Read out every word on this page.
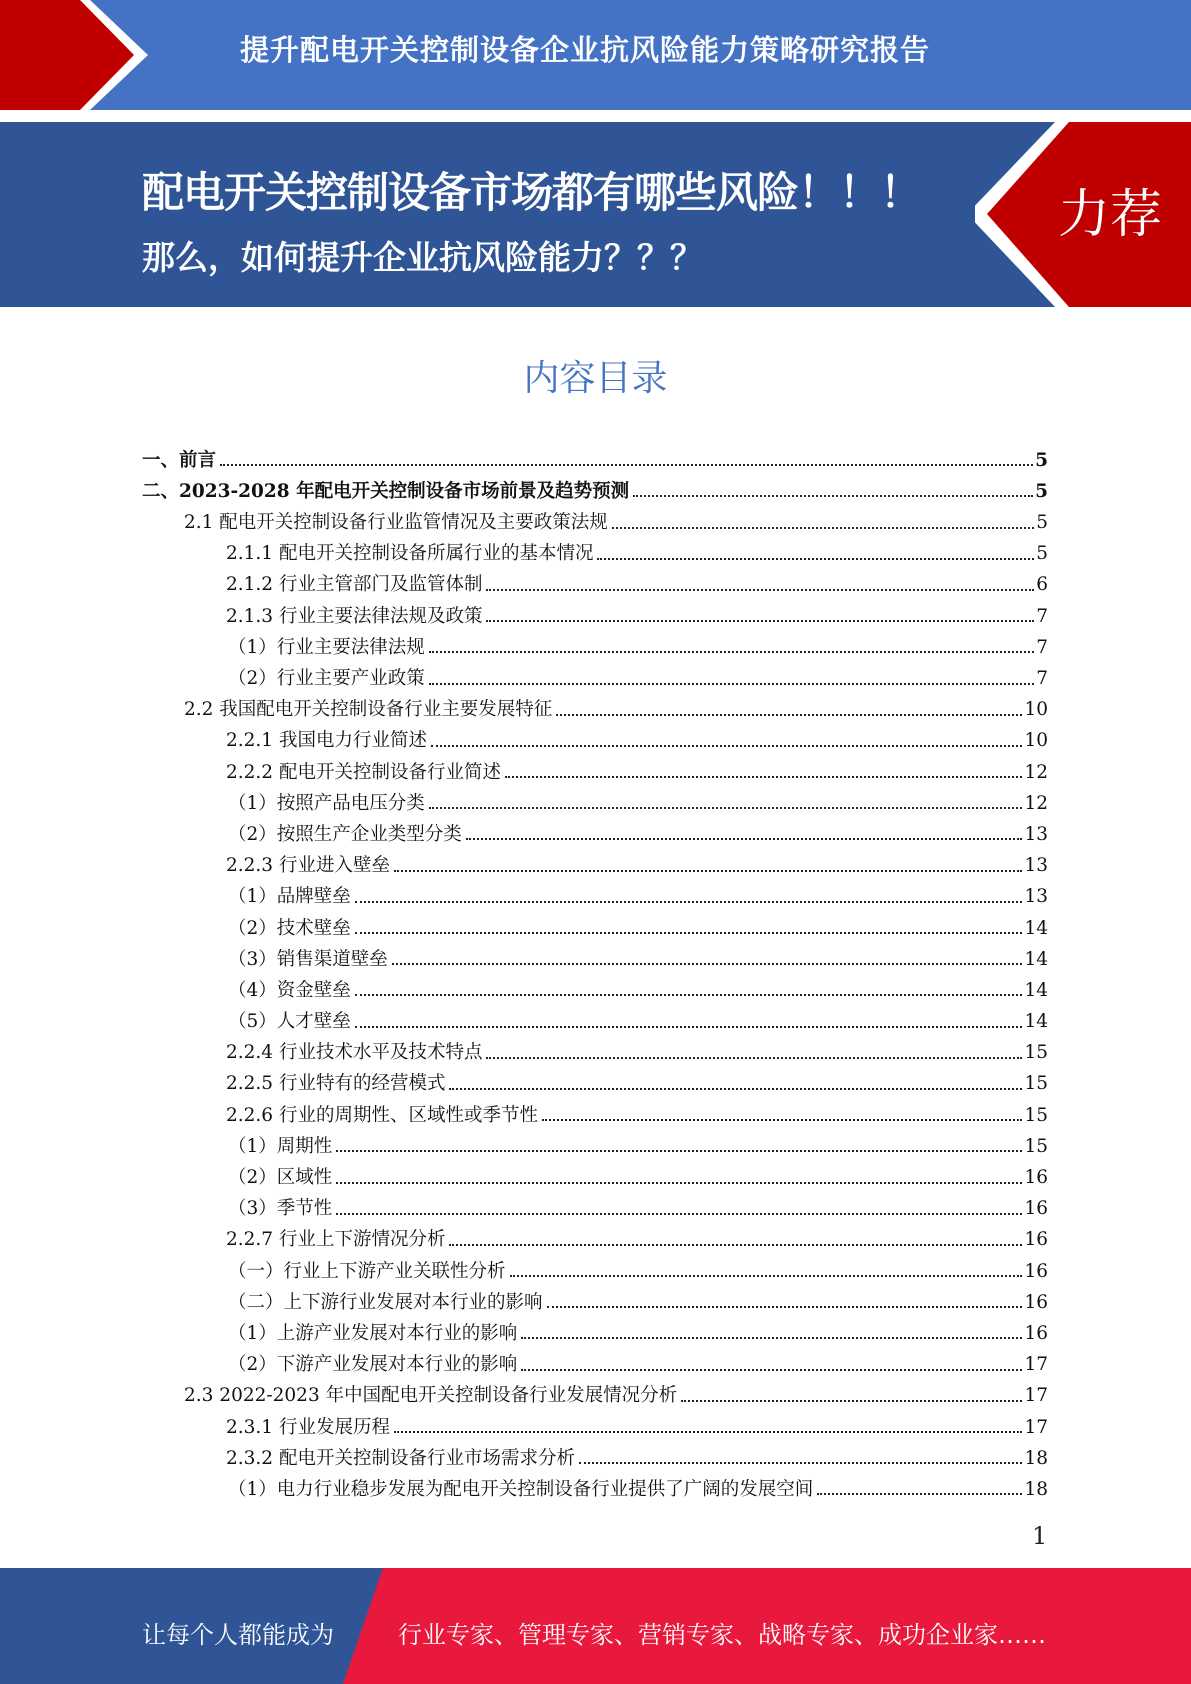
提升配电开关控制设备企业抗风险能力策略研究报告
配电开关控制设备市场都有哪些风险！！！
那么，如何提升企业抗风险能力？？？
力荐
内容目录
一、前言	5
二、2023-2028 年配电开关控制设备市场前景及趋势预测	5
2.1 配电开关控制设备行业监管情况及主要政策法规	5
2.1.1 配电开关控制设备所属行业的基本情况	5
2.1.2 行业主管部门及监管体制	6
2.1.3 行业主要法律法规及政策	7
（1）行业主要法律法规	7
（2）行业主要产业政策	7
2.2 我国配电开关控制设备行业主要发展特征	10
2.2.1 我国电力行业简述	10
2.2.2 配电开关控制设备行业简述	12
（1）按照产品电压分类	12
（2）按照生产企业类型分类	13
2.2.3 行业进入壁垒	13
（1）品牌壁垒	13
（2）技术壁垒	14
（3）销售渠道壁垒	14
（4）资金壁垒	14
（5）人才壁垒	14
2.2.4 行业技术水平及技术特点	15
2.2.5 行业特有的经营模式	15
2.2.6 行业的周期性、区域性或季节性	15
（1）周期性	15
（2）区域性	16
（3）季节性	16
2.2.7 行业上下游情况分析	16
（一）行业上下游产业关联性分析	16
（二）上下游行业发展对本行业的影响	16
（1）上游产业发展对本行业的影响	16
（2）下游产业发展对本行业的影响	17
2.3 2022-2023 年中国配电开关控制设备行业发展情况分析	17
2.3.1 行业发展历程	17
2.3.2 配电开关控制设备行业市场需求分析	18
（1）电力行业稳步发展为配电开关控制设备行业提供了广阔的发展空间	18
1
让每个人都能成为	行业专家、管理专家、营销专家、战略专家、成功企业家……
